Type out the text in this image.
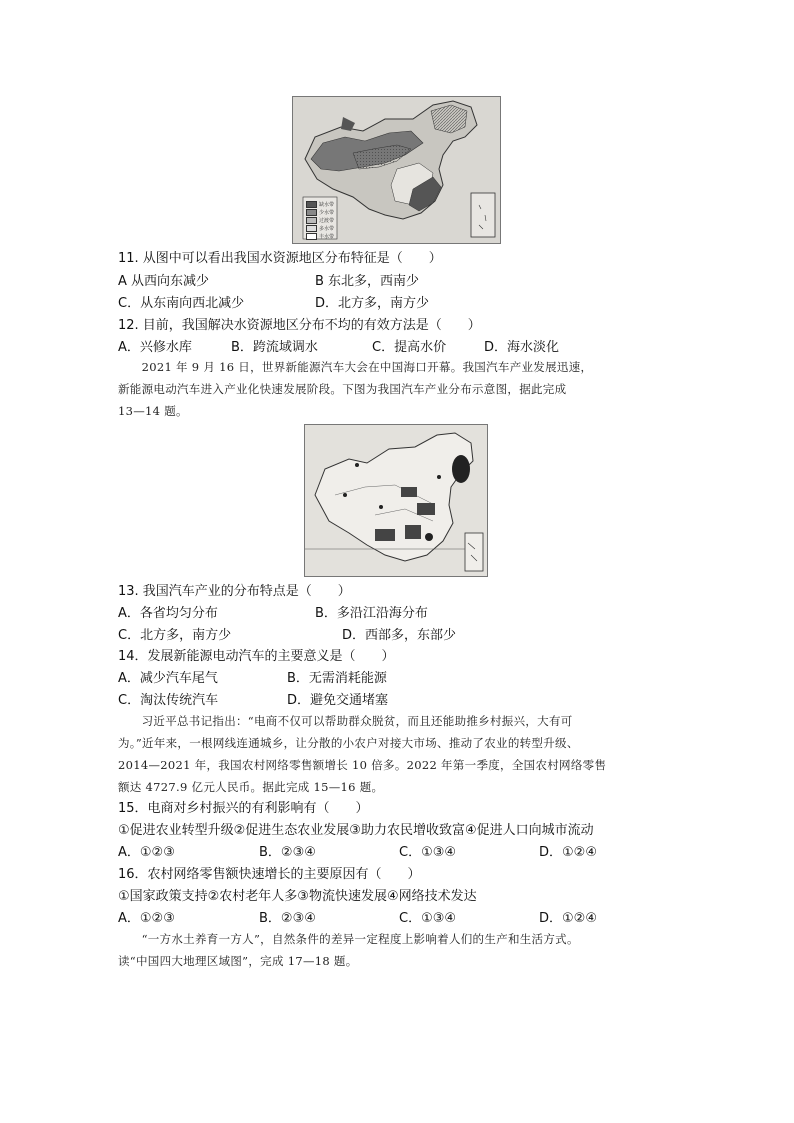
缺水带
少水带
过渡带
多水带
丰水带
11. 从图中可以看出我国水资源地区分布特征是（　　）
A 从西向东减少	B 东北多，西南少
C．从东南向西北减少	D．北方多，南方少
12. 目前，我国解决水资源地区分布不均的有效方法是（　　）
A．兴修水库	B．跨流域调水	C．提高水价	D．海水淡化
　　2021 年 9 月 16 日，世界新能源汽车大会在中国海口开幕。我国汽车产业发展迅速，
新能源电动汽车进入产业化快速发展阶段。下图为我国汽车产业分布示意图，据此完成
13—14 题。
13. 我国汽车产业的分布特点是（　　）
A．各省均匀分布	B．多沿江沿海分布
C．北方多，南方少	D．西部多，东部少
14．发展新能源电动汽车的主要意义是（　　）
A．减少汽车尾气	B．无需消耗能源
C．淘汰传统汽车	D．避免交通堵塞
　　习近平总书记指出：“电商不仅可以帮助群众脱贫，而且还能助推乡村振兴，大有可
为。”近年来，一根网线连通城乡，让分散的小农户对接大市场、推动了农业的转型升级、
2014—2021 年，我国农村网络零售额增长 10 倍多。2022 年第一季度，全国农村网络零售
额达 4727.9 亿元人民币。据此完成 15—16 题。
15．电商对乡村振兴的有利影响有（　　）
①促进农业转型升级②促进生态农业发展③助力农民增收致富④促进人口向城市流动
A．①②③	B．②③④	C．①③④	D．①②④
16．农村网络零售额快速增长的主要原因有（　　）
①国家政策支持②农村老年人多③物流快速发展④网络技术发达
A．①②③	B．②③④	C．①③④	D．①②④
　　“一方水土养育一方人”，自然条件的差异一定程度上影响着人们的生产和生活方式。
读“中国四大地理区域图”，完成 17—18 题。
